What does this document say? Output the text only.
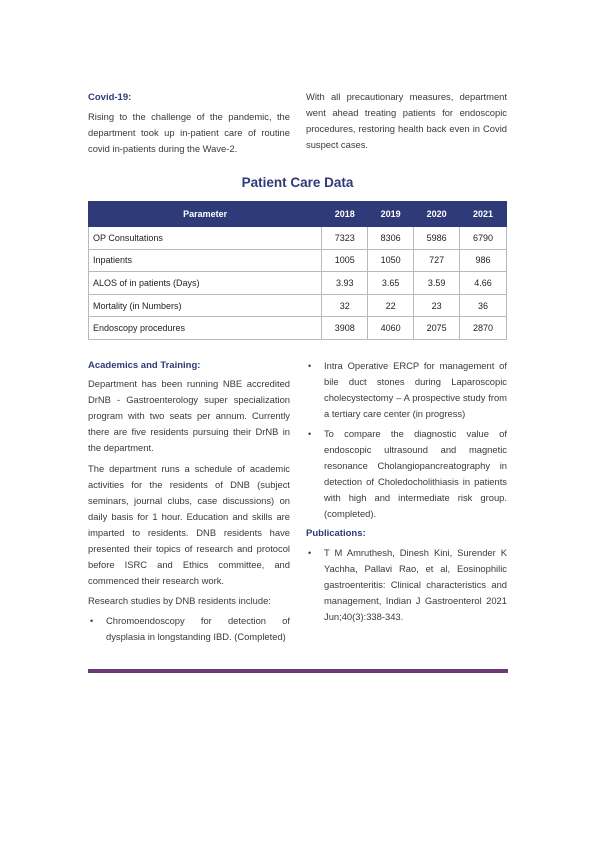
Covid-19:

Rising to the challenge of the pandemic, the department took up in-patient care of routine covid in-patients during the Wave-2.

With all precautionary measures, department went ahead treating patients for endoscopic procedures, restoring health back even in Covid suspect cases.

Patient Care Data
Parameter	2018	2019	2020	2021
OP Consultations	7323	8306	5986	6790
Inpatients	1005	1050	727	986
ALOS of in patients (Days)	3.93	3.65	3.59	4.66
Mortality (in Numbers)	32	22	23	36
Endoscopy procedures	3908	4060	2075	2870
Academics and Training:

Department has been running NBE accredited DrNB - Gastroenterology super specialization program with two seats per annum. Currently there are five residents pursuing their DrNB in the department.

The department runs a schedule of academic activities for the residents of DNB (subject seminars, journal clubs, case discussions) on daily basis for 1 hour. Education and skills are imparted to residents. DNB residents have presented their topics of research and protocol before ISRC and Ethics committee, and commenced their research work.

Research studies by DNB residents include:

• Chromoendoscopy for detection of dysplasia in longstanding IBD. (Completed)
• Intra Operative ERCP for management of bile duct stones during Laparoscopic cholecystectomy – A prospective study from a tertiary care center (in progress)
• To compare the diagnostic value of endoscopic ultrasound and magnetic resonance Cholangiopancreatography in detection of Choledocholithiasis in patients with high and intermediate risk group. (completed).
Publications:
• T M Amruthesh, Dinesh Kini, Surender K Yachha, Pallavi Rao, et al, Eosinophilic gastroenteritis: Clinical characteristics and management, Indian J Gastroenterol 2021 Jun;40(3):338-343.
